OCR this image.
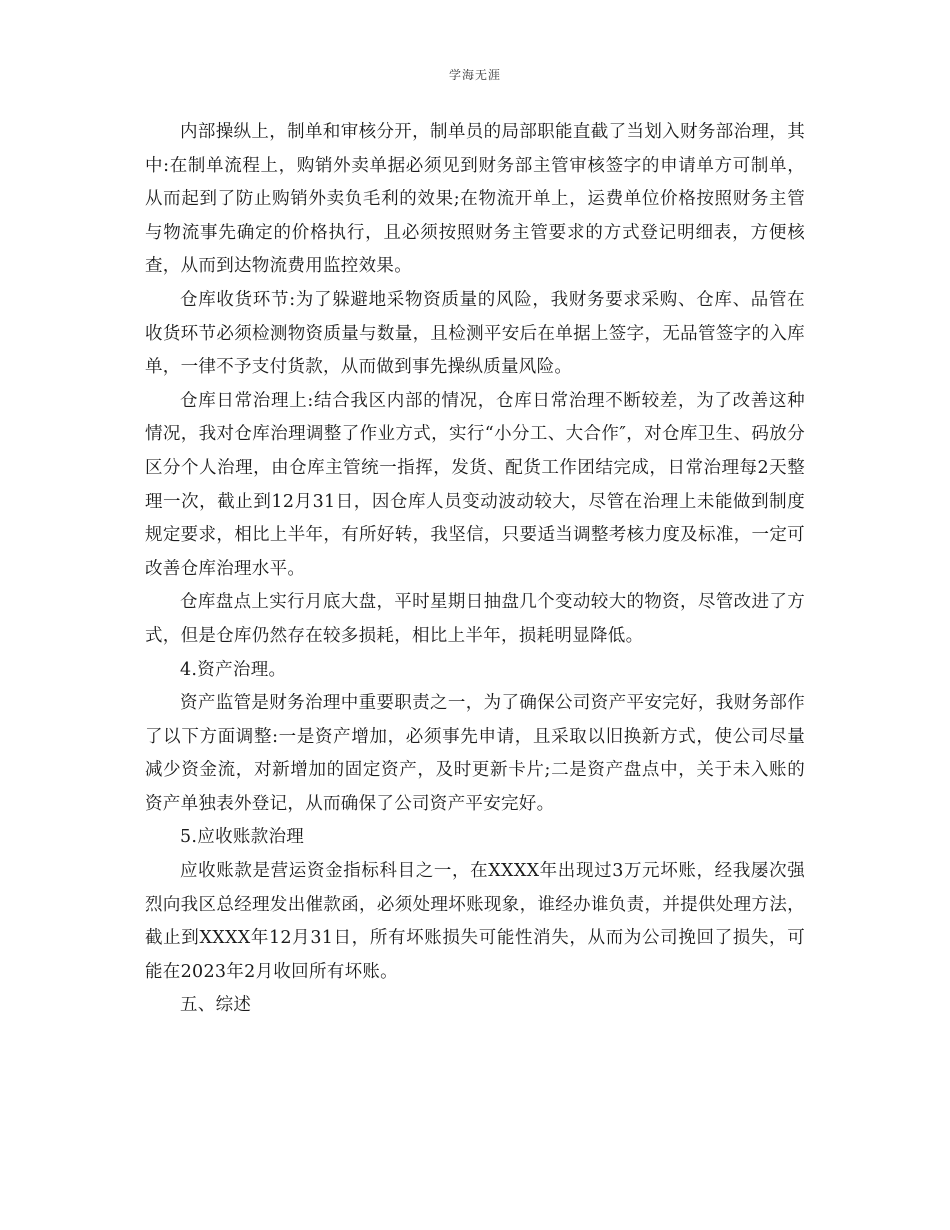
学海无涯

内部操纵上，制单和审核分开，制单员的局部职能直截了当划入财务部治理，其中:在制单流程上，购销外卖单据必须见到财务部主管审核签字的申请单方可制单，从而起到了防止购销外卖负毛利的效果;在物流开单上，运费单位价格按照财务主管与物流事先确定的价格执行，且必须按照财务主管要求的方式登记明细表，方便核查，从而到达物流费用监控效果。

仓库收货环节:为了躲避地采物资质量的风险，我财务要求采购、仓库、品管在收货环节必须检测物资质量与数量，且检测平安后在单据上签字，无品管签字的入库单，一律不予支付货款，从而做到事先操纵质量风险。

仓库日常治理上:结合我区内部的情况，仓库日常治理不断较差，为了改善这种情况，我对仓库治理调整了作业方式，实行“小分工、大合作″，对仓库卫生、码放分区分个人治理，由仓库主管统一指挥，发货、配货工作团结完成，日常治理每2天整理一次，截止到12月31日，因仓库人员变动波动较大，尽管在治理上未能做到制度规定要求，相比上半年，有所好转，我坚信，只要适当调整考核力度及标准，一定可改善仓库治理水平。

仓库盘点上实行月底大盘，平时星期日抽盘几个变动较大的物资，尽管改进了方式，但是仓库仍然存在较多损耗，相比上半年，损耗明显降低。

4.资产治理。

资产监管是财务治理中重要职责之一，为了确保公司资产平安完好，我财务部作了以下方面调整:一是资产增加，必须事先申请，且采取以旧换新方式，使公司尽量减少资金流，对新增加的固定资产，及时更新卡片;二是资产盘点中，关于未入账的资产单独表外登记，从而确保了公司资产平安完好。

5.应收账款治理

应收账款是营运资金指标科目之一，在XXXX年出现过3万元坏账，经我屡次强烈向我区总经理发出催款函，必须处理坏账现象，谁经办谁负责，并提供处理方法，截止到XXXX年12月31日，所有坏账损失可能性消失，从而为公司挽回了损失，可能在2023年2月收回所有坏账。

五、综述
